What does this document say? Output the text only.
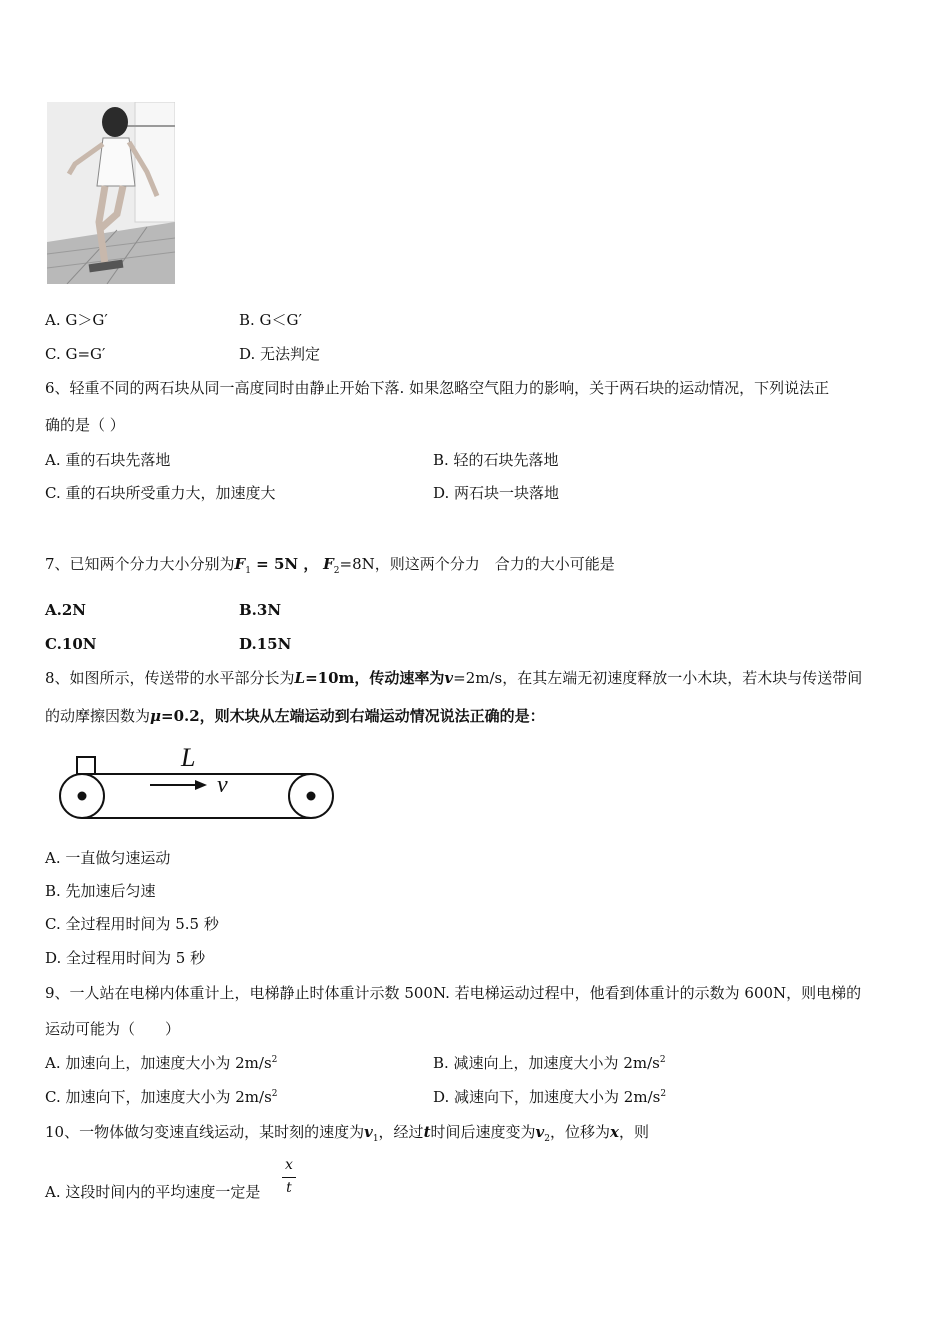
A. G＞G′	B. G＜G′
C. G=G′	D. 无法判定
6、轻重不同的两石块从同一高度同时由静止开始下落. 如果忽略空气阻力的影响，关于两石块的运动情况，下列说法正
确的是（ ）
A. 重的石块先落地	B. 轻的石块先落地
C. 重的石块所受重力大，加速度大	D. 两石块一块落地
7、已知两个分力大小分别为$F_1 = 5N$ ， $F_2=8N$，则这两个分力　合力的大小可能是
A.2N	B.3N
C.10N	D.15N
8、如图所示，传送带的水平部分长为L=10m，传动速率为v=2m/s，在其左端无初速度释放一小木块，若木块与传送带间
的动摩擦因数为μ=0.2，则木块从左端运动到右端运动情况说法正确的是：
L
v
A. 一直做匀速运动
B. 先加速后匀速
C. 全过程用时间为 5.5 秒
D. 全过程用时间为 5 秒
9、一人站在电梯内体重计上，电梯静止时体重计示数 500N. 若电梯运动过程中，他看到体重计的示数为 600N，则电梯的
运动可能为（　　）
A. 加速向上，加速度大小为 $2m/s^2$	B. 减速向上，加速度大小为 $2m/s^2$
C. 加速向下，加速度大小为 $2m/s^2$	D. 减速向下，加速度大小为 $2m/s^2$
10、一物体做匀变速直线运动，某时刻的速度为$v_1$，经过t时间后速度变为$v_2$，位移为x，则
A. 这段时间内的平均速度一定是
x
t
